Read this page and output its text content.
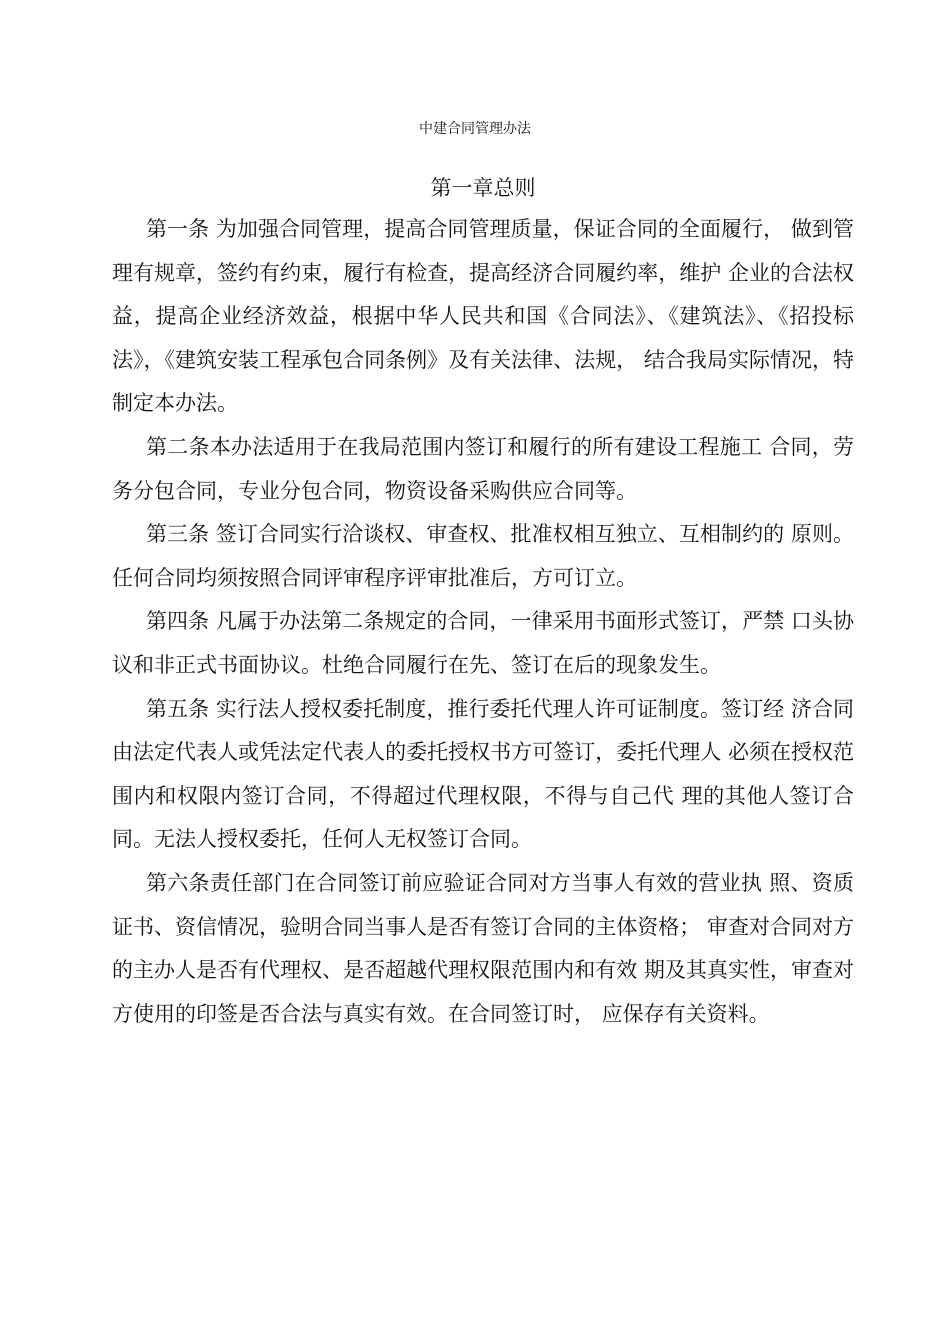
中建合同管理办法
第一章总则

第一条 为加强合同管理，提高合同管理质量，保证合同的全面履行， 做到管理有规章，签约有约束，履行有检查，提高经济合同履约率，维护 企业的合法权益，提高企业经济效益，根据中华人民共和国《合同法》、《建筑法》、《招投标法》，《建筑安装工程承包合同条例》及有关法律、法规， 结合我局实际情况，特制定本办法。

第二条本办法适用于在我局范围内签订和履行的所有建设工程施工 合同，劳务分包合同，专业分包合同，物资设备采购供应合同等。

第三条 签订合同实行洽谈权、审查权、批准权相互独立、互相制约的 原则。任何合同均须按照合同评审程序评审批准后，方可订立。

第四条 凡属于办法第二条规定的合同，一律采用书面形式签订，严禁 口头协议和非正式书面协议。杜绝合同履行在先、签订在后的现象发生。

第五条 实行法人授权委托制度，推行委托代理人许可证制度。签订经 济合同由法定代表人或凭法定代表人的委托授权书方可签订，委托代理人 必须在授权范围内和权限内签订合同，不得超过代理权限，不得与自己代 理的其他人签订合同。无法人授权委托，任何人无权签订合同。

第六条责任部门在合同签订前应验证合同对方当事人有效的营业执 照、资质证书、资信情况，验明合同当事人是否有签订合同的主体资格； 审查对合同对方的主办人是否有代理权、是否超越代理权限范围内和有效 期及其真实性，审查对方使用的印签是否合法与真实有效。在合同签订时， 应保存有关资料。
